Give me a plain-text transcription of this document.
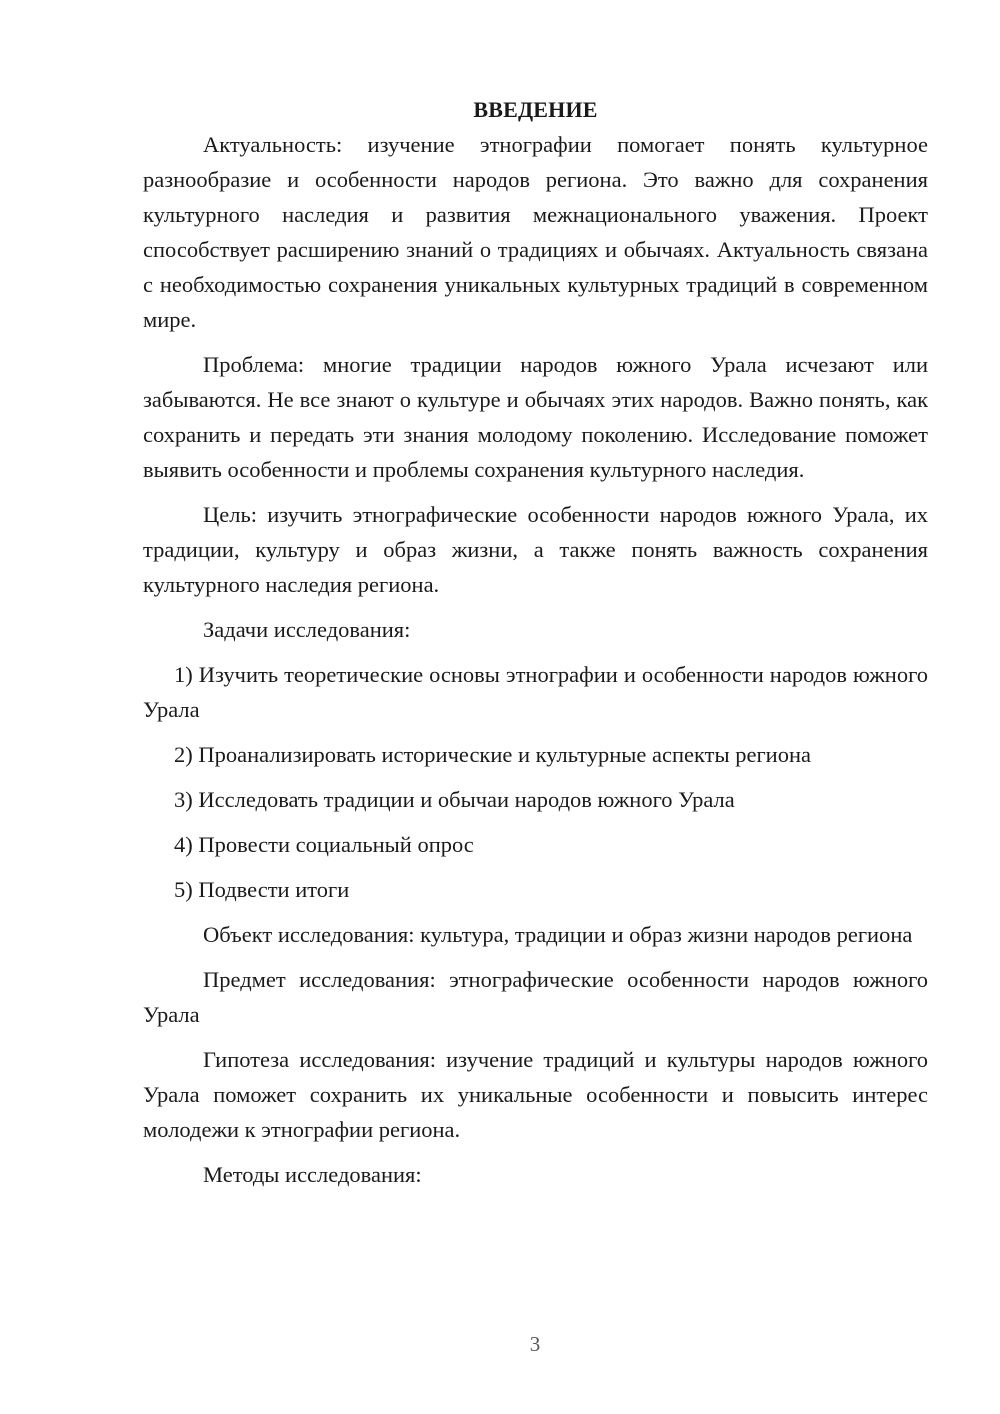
ВВЕДЕНИЕ

Актуальность: изучение этнографии помогает понять культурное разнообразие и особенности народов региона. Это важно для сохранения культурного наследия и развития межнационального уважения. Проект способствует расширению знаний о традициях и обычаях. Актуальность связана с необходимостью сохранения уникальных культурных традиций в современном мире.

Проблема: многие традиции народов южного Урала исчезают или забываются. Не все знают о культуре и обычаях этих народов. Важно понять, как сохранить и передать эти знания молодому поколению. Исследование поможет выявить особенности и проблемы сохранения культурного наследия.

Цель: изучить этнографические особенности народов южного Урала, их традиции, культуру и образ жизни, а также понять важность сохранения культурного наследия региона.

Задачи исследования:

1) Изучить теоретические основы этнографии и особенности народов южного Урала

2) Проанализировать исторические и культурные аспекты региона

3) Исследовать традиции и обычаи народов южного Урала

4) Провести социальный опрос

5) Подвести итоги

Объект исследования: культура, традиции и образ жизни народов региона

Предмет исследования: этнографические особенности народов южного Урала

Гипотеза исследования: изучение традиций и культуры народов южного Урала поможет сохранить их уникальные особенности и повысить интерес молодежи к этнографии региона.

Методы исследования:

3
